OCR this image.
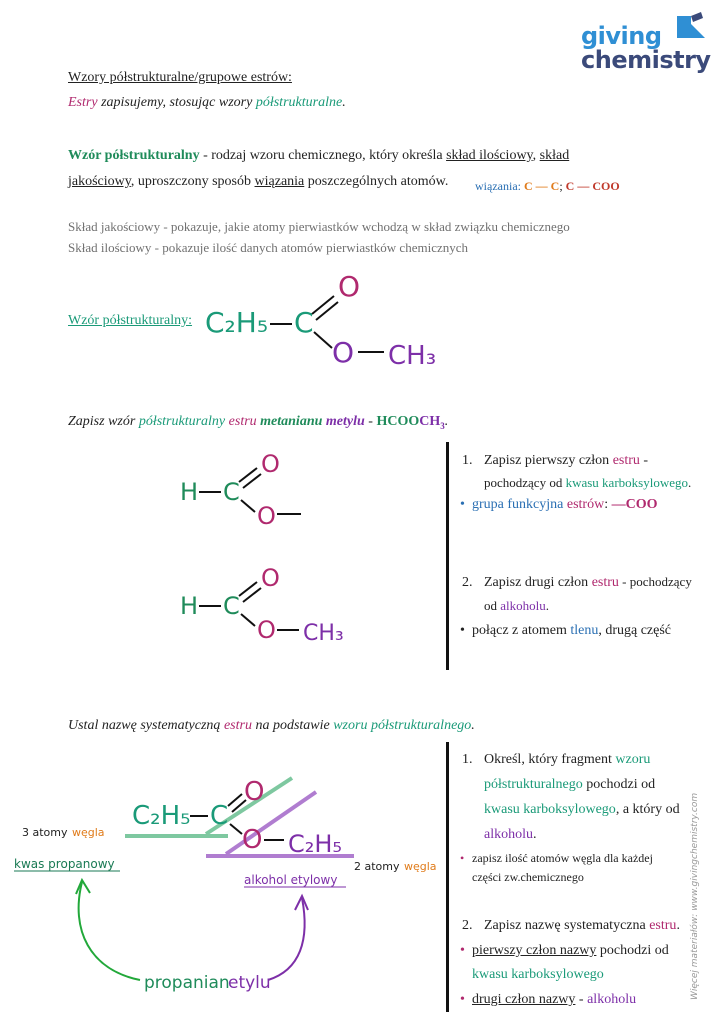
giving
chemistry
Wzory półstrukturalne/grupowe estrów:
Estry zapisujemy, stosując wzory półstrukturalne.
Wzór półstrukturalny - rodzaj wzoru chemicznego, który określa skład ilościowy, skład
jakościowy, uproszczony sposób wiązania poszczególnych atomów. wiązania: C — C; C — COO
Skład jakościowy - pokazuje, jakie atomy pierwiastków wchodzą w skład związku chemicznego
Skład ilościowy - pokazuje ilość danych atomów pierwiastków chemicznych
Wzór półstrukturalny: C₂H₅ C
O
O CH₃
Zapisz wzór półstrukturalny estru metanianu metylu - $HCOOCH_3$.
H C
O
O
H C
O
O CH₃
1. Zapisz pierwszy człon estru -
pochodzący od kwasu karboksylowego.
• grupa funkcyjna estrów: —COO
2. Zapisz drugi człon estru - pochodzący
od alkoholu.
• połącz z atomem tlenu, drugą część
Ustal nazwę systematyczną estru na podstawie wzoru półstrukturalnego.
C₂H₅ C
O
O C₂H₅
3 atomy węgla
kwas propanowy	2 atomy węgla
alkohol etylowy
propanian
etylu
1. Określ, który fragment wzoru
półstrukturalnego pochodzi od
kwasu karboksylowego, a który od
alkoholu.
• zapisz ilość atomów węgla dla każdej
części zw.chemicznego
2. Zapisz nazwę systematyczna estru.
• pierwszy człon nazwy pochodzi od
kwasu karboksylowego
• drugi człon nazwy - alkoholu	Więcej materiałów: www.givingchemistry.com
